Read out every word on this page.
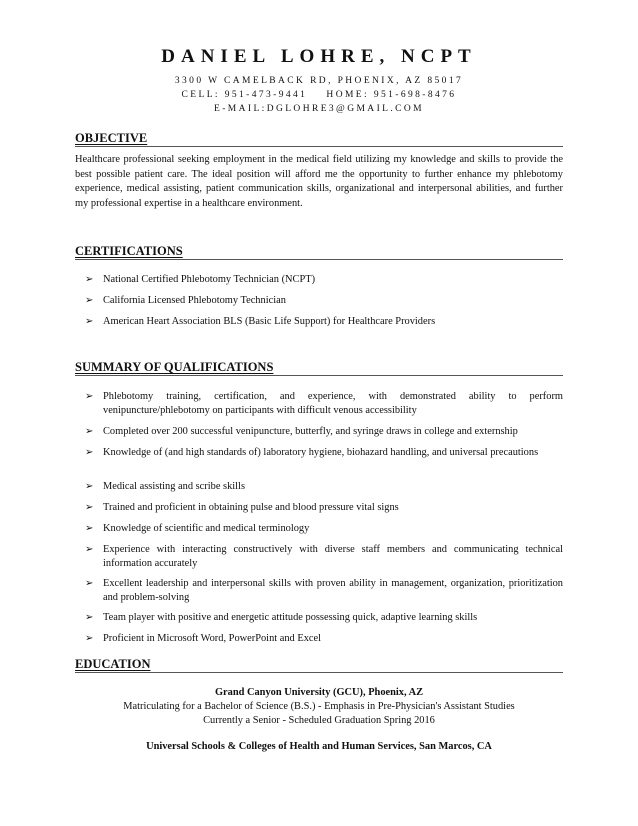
DANIEL LOHRE, NCPT
3300 W CAMELBACK RD, PHOENIX, AZ 85017
CELL: 951-473-9441    HOME: 951-698-8476
E-MAIL:DGLOHRE3@GMAIL.COM
OBJECTIVE

Healthcare professional seeking employment in the medical field utilizing my knowledge and skills to provide the best possible patient care. The ideal position will afford me the opportunity to further enhance my phlebotomy experience, medical assisting, patient communication skills, organizational and interpersonal abilities, and further my professional expertise in a healthcare environment.

CERTIFICATIONS
➢ National Certified Phlebotomy Technician (NCPT)
➢ California Licensed Phlebotomy Technician
➢ American Heart Association BLS (Basic Life Support) for Healthcare Providers
SUMMARY OF QUALIFICATIONS
➢ Phlebotomy training, certification, and experience, with demonstrated ability to perform venipuncture/phlebotomy on participants with difficult venous accessibility
➢ Completed over 200 successful venipuncture, butterfly, and syringe draws in college and externship
➢ Knowledge of (and high standards of) laboratory hygiene, biohazard handling, and universal precautions
➢ Medical assisting and scribe skills
➢ Trained and proficient in obtaining pulse and blood pressure vital signs
➢ Knowledge of scientific and medical terminology
➢ Experience with interacting constructively with diverse staff members and communicating technical information accurately
➢ Excellent leadership and interpersonal skills with proven ability in management, organization, prioritization and problem-solving
➢ Team player with positive and energetic attitude possessing quick, adaptive learning skills
➢ Proficient in Microsoft Word, PowerPoint and Excel
EDUCATION
Grand Canyon University (GCU), Phoenix, AZ
Matriculating for a Bachelor of Science (B.S.) - Emphasis in Pre-Physician's Assistant Studies
Currently a Senior - Scheduled Graduation Spring 2016
Universal Schools & Colleges of Health and Human Services, San Marcos, CA
